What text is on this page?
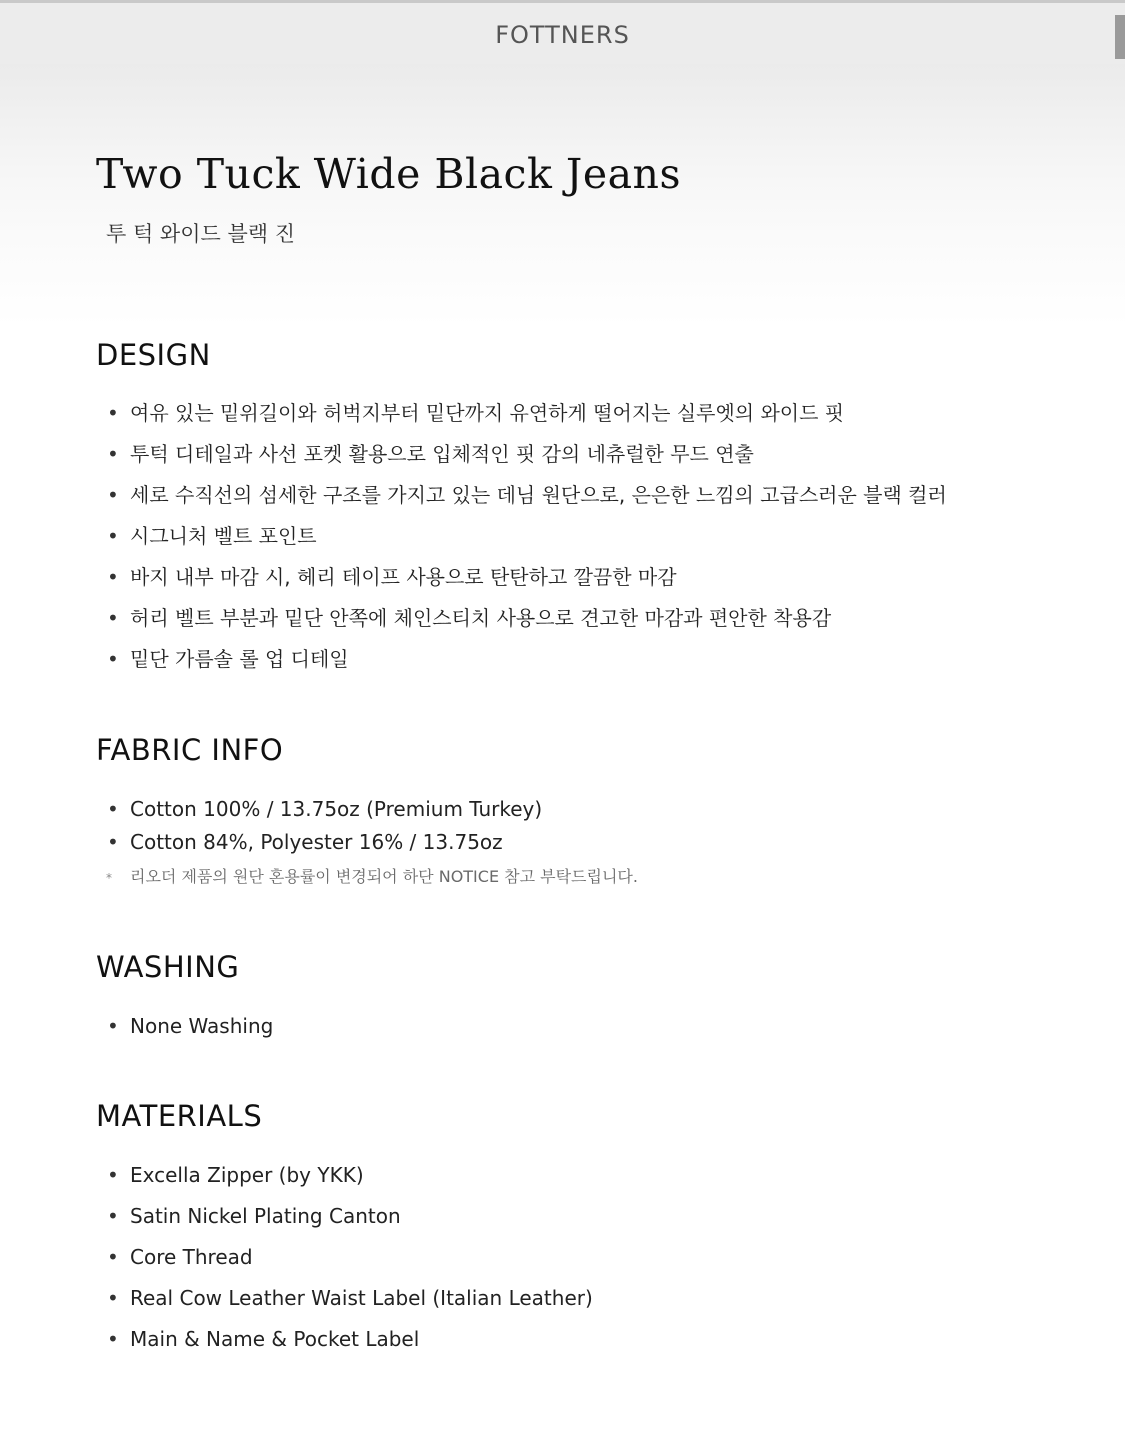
FOTTNERS
Two Tuck Wide Black Jeans
투 턱 와이드 블랙 진
DESIGN
• 여유 있는 밑위길이와 허벅지부터 밑단까지 유연하게 떨어지는 실루엣의 와이드 핏
• 투턱 디테일과 사선 포켓 활용으로 입체적인 핏 감의 네츄럴한 무드 연출
• 세로 수직선의 섬세한 구조를 가지고 있는 데님 원단으로, 은은한 느낌의 고급스러운 블랙 컬러
• 시그니처 벨트 포인트
• 바지 내부 마감 시, 헤리 테이프 사용으로 탄탄하고 깔끔한 마감
• 허리 벨트 부분과 밑단 안쪽에 체인스티치 사용으로 견고한 마감과 편안한 착용감
• 밑단 가름솔 롤 업 디테일
FABRIC INFO
• Cotton 100% / 13.75oz (Premium Turkey)
• Cotton 84%, Polyester 16% / 13.75oz
* 리오더 제품의 원단 혼용률이 변경되어 하단 NOTICE 참고 부탁드립니다.
WASHING
• None Washing
MATERIALS
• Excella Zipper (by YKK)
• Satin Nickel Plating Canton
• Core Thread
• Real Cow Leather Waist Label (Italian Leather)
• Main & Name & Pocket Label
